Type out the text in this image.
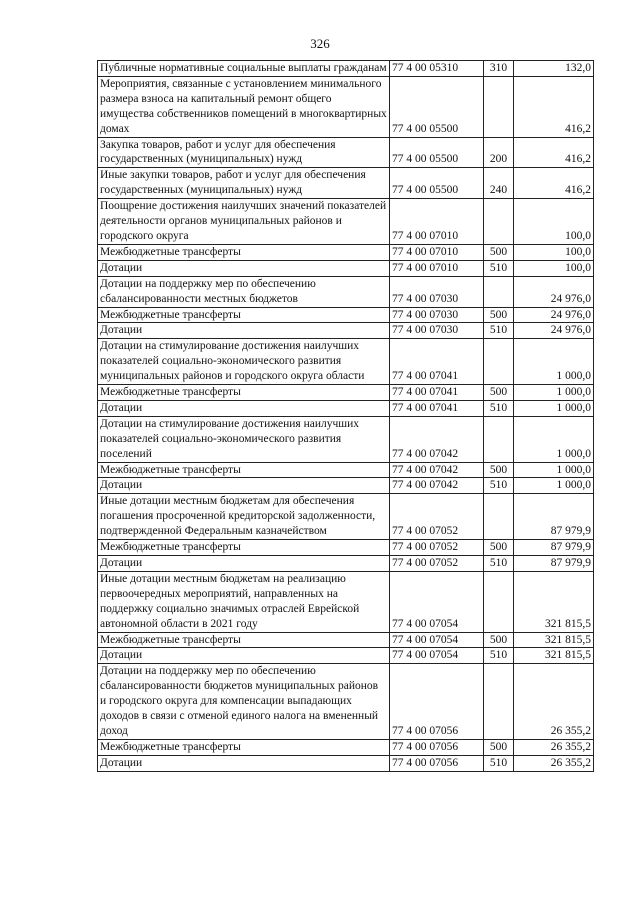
326
Публичные нормативные социальные выплаты гражданам	77 4 00 05310	310	132,0
Мероприятия, связанные с установлением минимального размера взноса на капитальный ремонт общего имущества собственников помещений в многоквартирных домах	77 4 00 05500		416,2
Закупка товаров, работ и услуг для обеспечения государственных (муниципальных) нужд	77 4 00 05500	200	416,2
Иные закупки товаров, работ и услуг для обеспечения государственных (муниципальных) нужд	77 4 00 05500	240	416,2
Поощрение достижения наилучших значений показателей деятельности органов муниципальных районов и городского округа	77 4 00 07010		100,0
Межбюджетные трансферты	77 4 00 07010	500	100,0
Дотации	77 4 00 07010	510	100,0
Дотации на поддержку мер по обеспечению сбалансированности местных бюджетов	77 4 00 07030		24 976,0
Межбюджетные трансферты	77 4 00 07030	500	24 976,0
Дотации	77 4 00 07030	510	24 976,0
Дотации на стимулирование достижения наилучших показателей социально-экономического развития муниципальных районов и городского округа области	77 4 00 07041		1 000,0
Межбюджетные трансферты	77 4 00 07041	500	1 000,0
Дотации	77 4 00 07041	510	1 000,0
Дотации на стимулирование достижения наилучших показателей социально-экономического развития поселений	77 4 00 07042		1 000,0
Межбюджетные трансферты	77 4 00 07042	500	1 000,0
Дотации	77 4 00 07042	510	1 000,0
Иные дотации местным бюджетам для обеспечения погашения просроченной кредиторской задолженности, подтвержденной Федеральным казначейством	77 4 00 07052		87 979,9
Межбюджетные трансферты	77 4 00 07052	500	87 979,9
Дотации	77 4 00 07052	510	87 979,9
Иные дотации местным бюджетам на реализацию первоочередных мероприятий, направленных на поддержку социально значимых отраслей Еврейской автономной области в 2021 году	77 4 00 07054		321 815,5
Межбюджетные трансферты	77 4 00 07054	500	321 815,5
Дотации	77 4 00 07054	510	321 815,5
Дотации на поддержку мер по обеспечению сбалансированности бюджетов муниципальных районов и городского округа для компенсации выпадающих доходов в связи с отменой единого налога на вмененный доход	77 4 00 07056		26 355,2
Межбюджетные трансферты	77 4 00 07056	500	26 355,2
Дотации	77 4 00 07056	510	26 355,2
